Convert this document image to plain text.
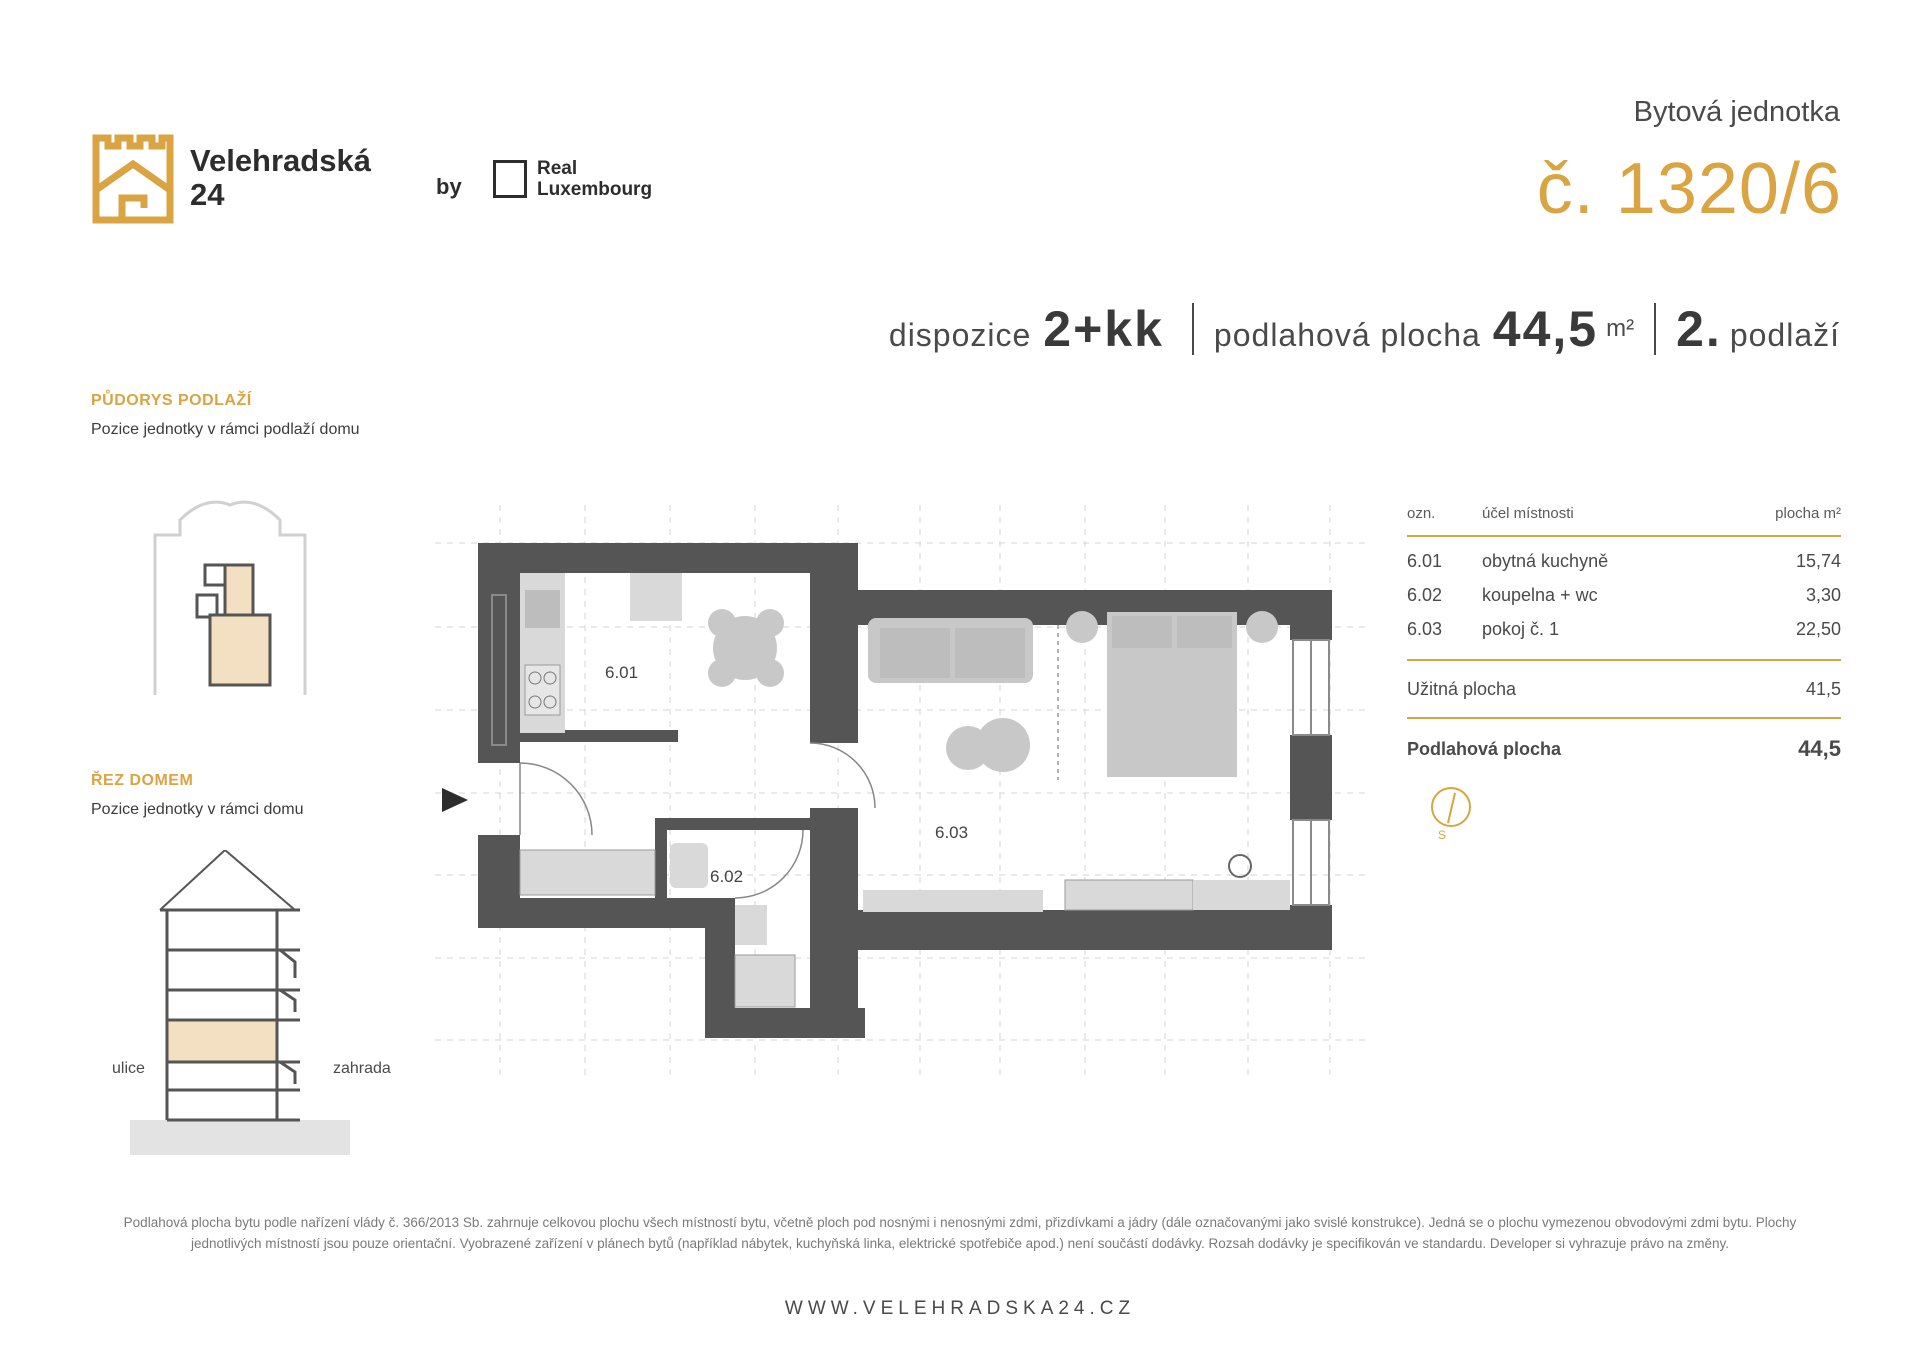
Velehradská
24	by
Real
Luxembourg
Bytová jednotka
č. 1320/6
dispozice 2+kk podlahová plocha 44,5 m² 2. podlaží
PŮDORYS PODLAŽÍ
Pozice jednotky v rámci podlaží domu
ŘEZ DOMEM
Pozice jednotky v rámci domu
ulice	zahrada
6.01
6.03
6.02
ozn.	účel místnosti	plocha m²
6.01	obytná kuchyně	15,74
6.02	koupelna + wc	3,30
6.03	pokoj č. 1	22,50
Užitná plocha	41,5
Podlahová plocha	44,5
S
Podlahová plocha bytu podle nařízení vlády č. 366/2013 Sb. zahrnuje celkovou plochu všech místností bytu, včetně ploch pod nosnými i nenosnými zdmi, přizdívkami a jádry (dále označovanými jako svislé konstrukce). Jedná se o plochu vymezenou obvodovými zdmi bytu. Plochy jednotlivých místností jsou pouze orientační. Vyobrazené zařízení v plánech bytů (například nábytek, kuchyňská linka, elektrické spotřebiče apod.) není součástí dodávky. Rozsah dodávky je specifikován ve standardu. Developer si vyhrazuje právo na změny.
WWW.VELEHRADSKA24.CZ
